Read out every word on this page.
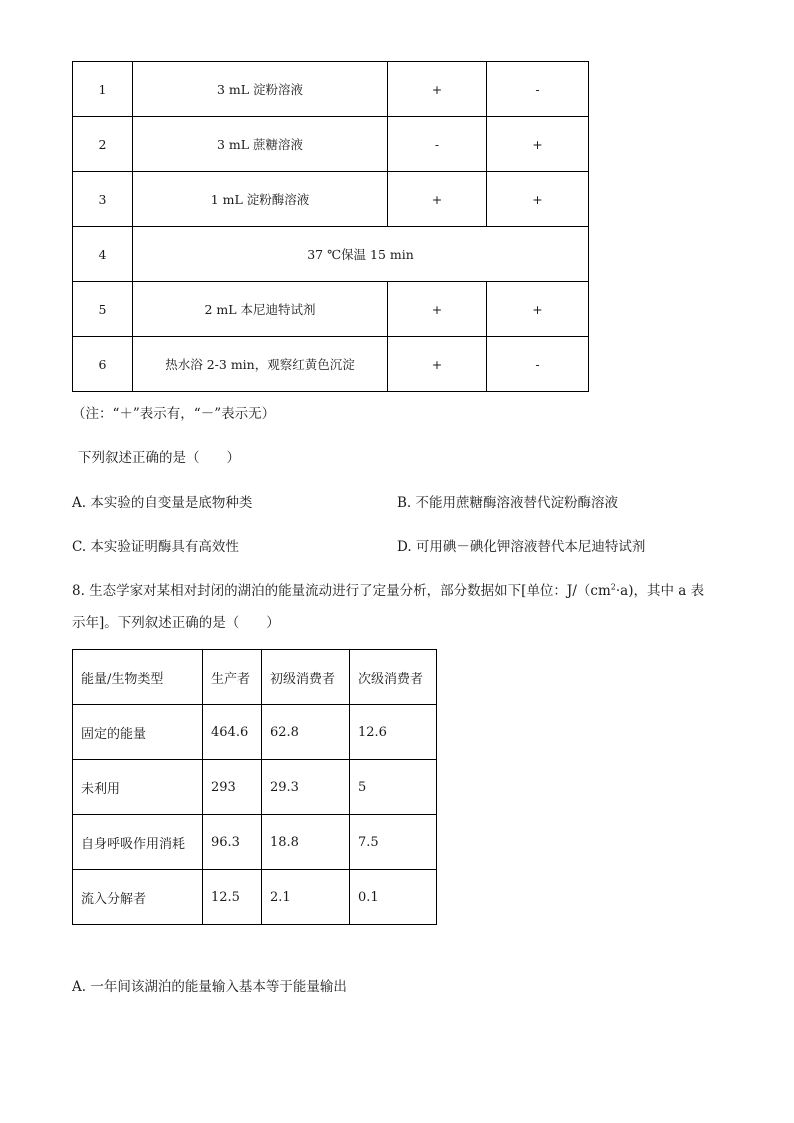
1	3 mL 淀粉溶液	+	-
2	3 mL 蔗糖溶液	-	+
3	1 mL 淀粉酶溶液	+	+
4	37 ℃保温 15 min		
5	2 mL 本尼迪特试剂	+	+
6	热水浴 2-3 min，观察红黄色沉淀	+	-
（注：“＋”表示有，“－”表示无）
下列叙述正确的是（　　）
A. 本实验的自变量是底物种类	B. 不能用蔗糖酶溶液替代淀粉酶溶液
C. 本实验证明酶具有高效性	D. 可用碘－碘化钾溶液替代本尼迪特试剂
8. 生态学家对某相对封闭的湖泊的能量流动进行了定量分析，部分数据如下[单位：$J/(cm^2\cdot a)$，其中 a 表
示年]。下列叙述正确的是（　　）
能量/生物类型	生产者	初级消费者	次级消费者
固定的能量	464.6	62.8	12.6
未利用	293	29.3	5
自身呼吸作用消耗	96.3	18.8	7.5
流入分解者	12.5	2.1	0.1
A. 一年间该湖泊的能量输入基本等于能量输出
